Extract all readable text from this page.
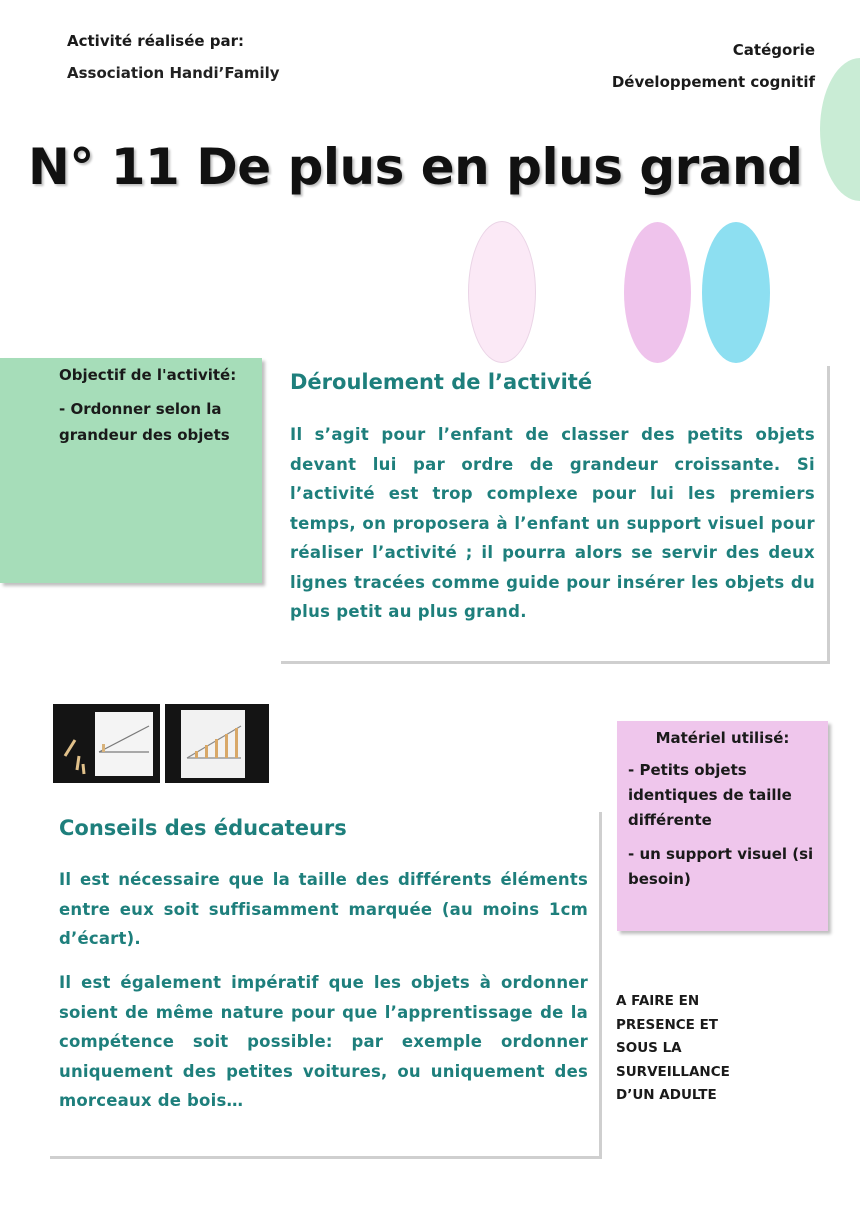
Activité réalisée par:
Association Handi’Family
Catégorie
Développement cognitif
N° 11 De plus en plus grand
Objectif de l'activité:
- Ordonner selon la grandeur des objets
Déroulement de l’activité
Il s’agit pour l’enfant de classer des petits objets devant lui par ordre de grandeur croissante. Si l’activité est trop complexe pour lui les premiers temps, on proposera à l’enfant un support visuel pour réaliser l’activité ; il pourra alors se servir des deux lignes tracées comme guide pour insérer les objets du plus petit au plus grand.
Conseils des éducateurs
Il est nécessaire que la taille des différents éléments entre eux soit suffisamment marquée (au moins 1cm d’écart).
Il est également impératif que les objets à ordonner soient de même nature pour que l’apprentissage de la compétence soit possible: par exemple ordonner uniquement des petites voitures, ou uniquement des morceaux de bois…
Matériel utilisé:
- Petits objets identiques de taille différente
- un support visuel (si besoin)
A FAIRE EN
PRESENCE ET
SOUS LA
SURVEILLANCE
D’UN ADULTE
